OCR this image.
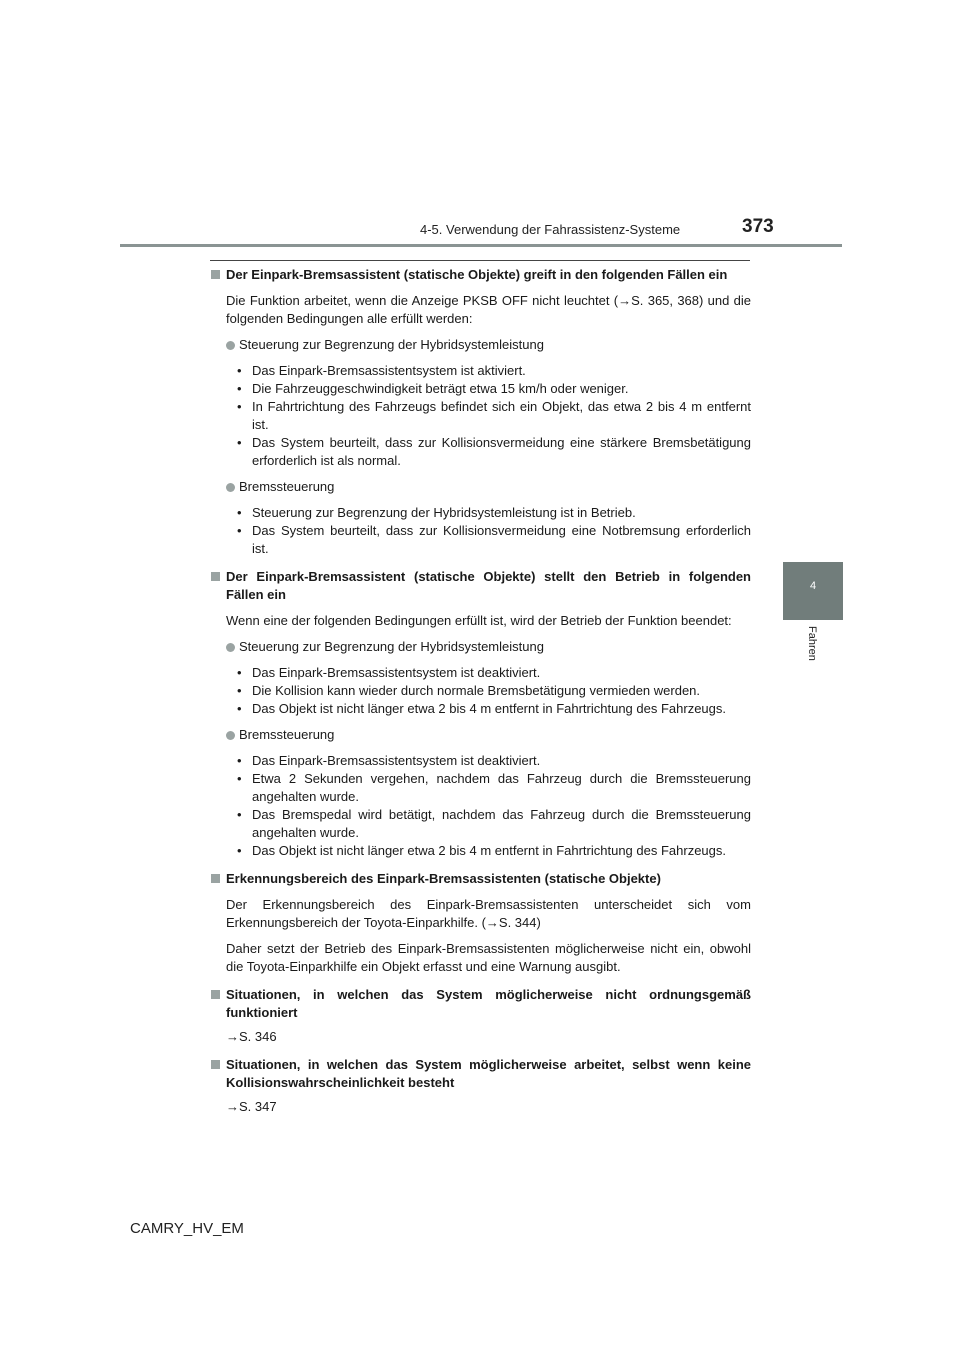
4-5. Verwendung der Fahrassistenz-Systeme	373
4
Fahren
Der Einpark-Bremsassistent (statische Objekte) greift in den folgenden Fällen ein
Die Funktion arbeitet, wenn die Anzeige PKSB OFF nicht leuchtet (→S. 365, 368) und die folgenden Bedingungen alle erfüllt werden:
Steuerung zur Begrenzung der Hybridsystemleistung
• Das Einpark-Bremsassistentsystem ist aktiviert.
• Die Fahrzeuggeschwindigkeit beträgt etwa 15 km/h oder weniger.
• In Fahrtrichtung des Fahrzeugs befindet sich ein Objekt, das etwa 2 bis 4 m entfernt ist.
• Das System beurteilt, dass zur Kollisionsvermeidung eine stärkere Bremsbetätigung erforderlich ist als normal.
Bremssteuerung
• Steuerung zur Begrenzung der Hybridsystemleistung ist in Betrieb.
• Das System beurteilt, dass zur Kollisionsvermeidung eine Notbremsung erforderlich ist.
Der Einpark-Bremsassistent (statische Objekte) stellt den Betrieb in folgenden Fällen ein
Wenn eine der folgenden Bedingungen erfüllt ist, wird der Betrieb der Funktion beendet:
Steuerung zur Begrenzung der Hybridsystemleistung
• Das Einpark-Bremsassistentsystem ist deaktiviert.
• Die Kollision kann wieder durch normale Bremsbetätigung vermieden werden.
• Das Objekt ist nicht länger etwa 2 bis 4 m entfernt in Fahrtrichtung des Fahrzeugs.
Bremssteuerung
• Das Einpark-Bremsassistentsystem ist deaktiviert.
• Etwa 2 Sekunden vergehen, nachdem das Fahrzeug durch die Bremssteuerung angehalten wurde.
• Das Bremspedal wird betätigt, nachdem das Fahrzeug durch die Bremssteuerung angehalten wurde.
• Das Objekt ist nicht länger etwa 2 bis 4 m entfernt in Fahrtrichtung des Fahrzeugs.
Erkennungsbereich des Einpark-Bremsassistenten (statische Objekte)
Der Erkennungsbereich des Einpark-Bremsassistenten unterscheidet sich vom Erkennungsbereich der Toyota-Einparkhilfe. (→S. 344)
Daher setzt der Betrieb des Einpark-Bremsassistenten möglicherweise nicht ein, obwohl die Toyota-Einparkhilfe ein Objekt erfasst und eine Warnung ausgibt.
Situationen, in welchen das System möglicherweise nicht ordnungsgemäß funktioniert
→S. 346
Situationen, in welchen das System möglicherweise arbeitet, selbst wenn keine Kollisionswahrscheinlichkeit besteht
→S. 347
CAMRY_HV_EM
